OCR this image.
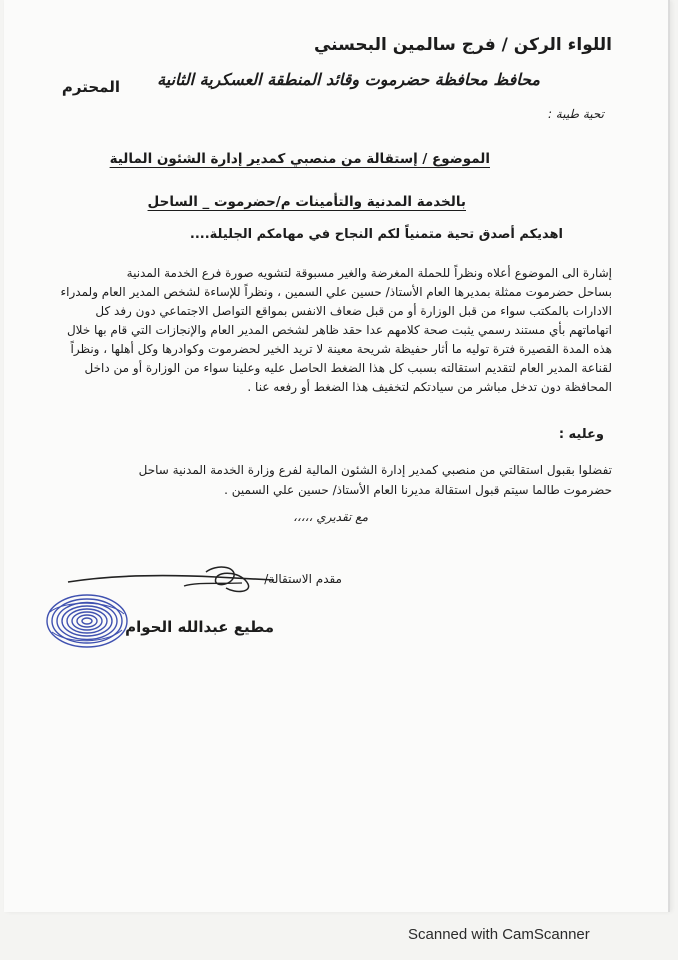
اللواء الركن / فرج سالمين البحسني
محافظ محافظة حضرموت وقائد المنطقة العسكرية الثانية
المحترم
تحية طيبة :
الموضوع / إستقالة من منصبي كمدير إدارة الشئون المالية
بالخدمة المدنية والتأمينات م/حضرموت _ الساحل
اهديكم أصدق تحية متمنياً لكم النجاح في مهامكم الجليلة....
إشارة الى الموضوع أعلاه ونظراً للحملة المغرضة والغير مسبوقة لتشويه صورة فرع الخدمة المدنية
بساحل حضرموت ممثلة بمديرها العام الأستاذ/ حسين علي السمين ، ونظراً للإساءة لشخص المدير العام ولمدراء
الادارات بالمكتب سواء من قبل الوزارة أو من قبل ضعاف الانفس بمواقع التواصل الاجتماعي دون رفد كل
اتهاماتهم بأي مستند رسمي يثبت صحة كلامهم عدا حقد ظاهر لشخص المدير العام والإنجازات التي قام بها خلال
هذه المدة القصيرة فترة توليه ما أثار حفيظة شريحة معينة لا تريد الخير لحضرموت وكوادرها وكل أهلها ، ونظراً
لقناعة المدير العام لتقديم استقالته بسبب كل هذا الضغط الحاصل عليه وعلينا سواء من الوزارة أو من داخل
المحافظة دون تدخل مباشر من سيادتكم لتخفيف هذا الضغط أو رفعه عنا .
وعليه :
تفضلوا بقبول استقالتي من منصبي كمدير إدارة الشئون المالية لفرع وزارة الخدمة المدنية ساحل
حضرموت طالما سيتم قبول استقالة مديرنا العام الأستاذ/ حسين علي السمين .
مع تقديري ،،،،،
مقدم الاستقالة/
مطيع عبدالله الحوام
Scanned with CamScanner
